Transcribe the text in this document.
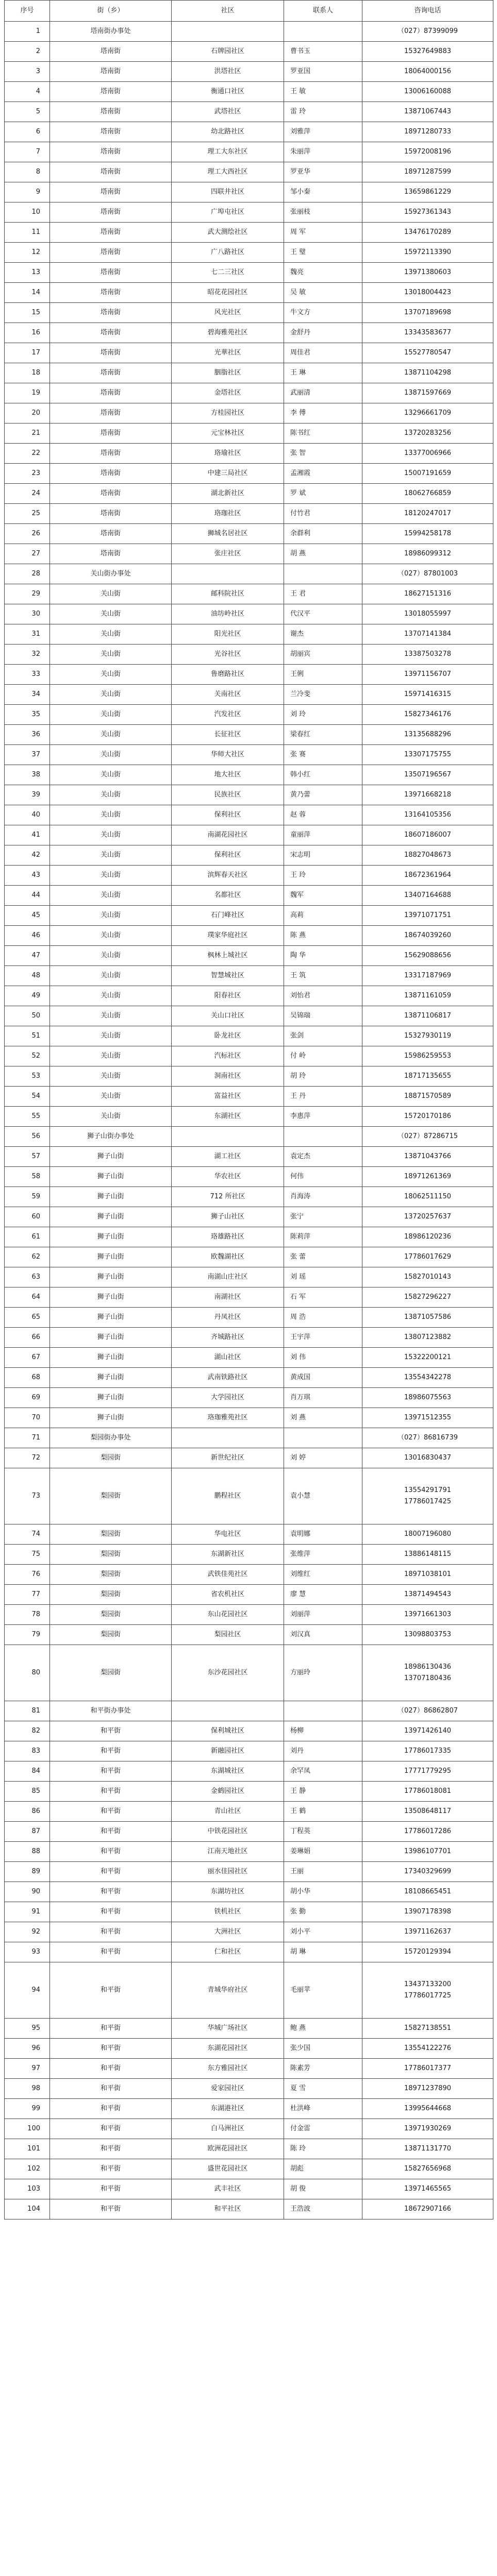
序号	街（乡）	社区	联系人	咨询电话
1	塔南街办事处			（027）87399099

2	塔南街	石牌园社区	曹书玉	15327649883

3	塔南街	洪塔社区	罗亚国	18064000156

4	塔南街	衡通口社区	王 敏	13006160088

5	塔南街	武塔社区	雷 玲	13871067443

6	塔南街	幼北路社区	刘雅萍	18971280733

7	塔南街	理工大东社区	朱丽萍	15972008196

8	塔南街	理工大西社区	罗亚华	18971287599

9	塔南街	四联井社区	邹小秦	13659861229

10	塔南街	广埠屯社区	张丽枝	15927361343

11	塔南街	武大测绘社区	周 军	13476170289

12	塔南街	广八路社区	王 璧	15972113390

13	塔南街	七二三社区	魏亮	13971380603

14	塔南街	昭花花园社区	吴 敏	13018004423

15	塔南街	风光社区	牛文方	13707189698

16	塔南街	碧海雅苑社区	金舒丹	13343583677

17	塔南街	光華社区	周佳君	15527780547

18	塔南街	胭脂社区	王 琳	13871104298

19	塔南街	金塔社区	武丽清	13871597669

20	塔南街	方桂园社区	李 傅	13296661709

21	塔南街	元宝林社区	陈书红	13720283256

22	塔南街	珞瑜社区	张 智	13377006966

23	塔南街	中建三局社区	孟湘霞	15007191659

24	塔南街	湖北新社区	罗 斌	18062766859

25	塔南街	珞珈社区	付竹君	18120247017

26	塔南街	狮城名居社区	余群利	15994258178

27	塔南街	张庄社区	胡 燕	18986099312

28	关山街办事处			（027）87801003

29	关山街	邮科院社区	王 君	18627151316

30	关山街	油坊岭社区	代汉平	13018055997

31	关山街	阳光社区	谢杰	13707141384

32	关山街	光谷社区	胡丽宾	13387503278

33	关山街	鲁磨路社区	王俐	13971156707

34	关山街	关南社区	兰冷斐	15971416315

35	关山街	汽发社区	刘 玲	15827346176

36	关山街	长征社区	梁春红	13135688296

37	关山街	华师大社区	张 赛	13307175755

38	关山街	地大社区	韩小红	13507196567

39	关山街	民族社区	黄乃蕾	13971668218

40	关山街	保利社区	赵 蓉	13164105356

41	关山街	南湖花园社区	童丽萍	18607186007

42	关山街	保利社区	宋志明	18827048673

43	关山街	滨辉春天社区	王 玲	18672361964

44	关山街	名都社区	魏军	13407164688

45	关山街	石门峰社区	高莉	13971071751

46	关山街	璞家华庭社区	陈 燕	18674039260

47	关山街	枫林上城社区	陶 华	15629088656

48	关山街	智慧城社区	王 筑	13317187969

49	关山街	阳春社区	刘怡君	13871161059

50	关山街	关山口社区	吴锦瑞	13871106817

51	关山街	卧龙社区	张剑	15327930119

52	关山街	汽标社区	付 岭	15986259553

53	关山街	洞南社区	胡 玲	18717135655

54	关山街	富益社区	王 丹	18871570589

55	关山街	东湖社区	李惠萍	15720170186

56	狮子山街办事处			（027）87286715

57	狮子山街	湖工社区	袁定杰	13871043766

58	狮子山街	华农社区	何伟	18971261369

59	狮子山街	712 所社区	肖海涛	18062511150

60	狮子山街	狮子山社区	张宁	13720257637

61	狮子山街	珞雄路社区	陈莉萍	18986120236

62	狮子山街	欧魏湖社区	张 蕾	17786017629

63	狮子山街	南湖山庄社区	刘 瑶	15827010143

64	狮子山街	南湖社区	石 军	15827296227

65	狮子山街	丹凤社区	周 浩	13871057586

66	狮子山街	齐城路社区	王宇萍	13807123882

67	狮子山街	湖山社区	刘 伟	15322200121

68	狮子山街	武南铁路社区	黄成国	13554342278

69	狮子山街	大学园社区	肖万琪	18986075563

70	狮子山街	珞珈雅苑社区	刘 燕	13971512355

71	梨园街办事处			（027）86816739

72	梨园街	新世纪社区	刘 婷	13016830437

73	梨园街	鹏程社区	袁小慧	13554291791
17786017425

74	梨园街	华电社区	袁明娜	18007196080

75	梨园街	东湖新社区	张维萍	13886148115

76	梨园街	武铁佳苑社区	刘维红	18971038101

77	梨园街	省农机社区	廖 慧	13871494543

78	梨园街	东山花园社区	刘丽萍	13971661303

79	梨园街	梨园社区	刘汉真	13098803753

80	梨园街	东沙花园社区	方丽玲	18986130436
13707180436

81	和平街办事处			（027）86862807

82	和平街	保利城社区	杨柳	13971426140

83	和平街	新融园社区	刘丹	17786017335

84	和平街	东湖城社区	余罕凤	17771779295

85	和平街	金鹤园社区	王 静	17786018081

86	和平街	青山社区	王 鹤	13508648117

87	和平街	中铁花园社区	丁程英	17786017286

88	和平街	江南天地社区	姜琳娟	13986107701

89	和平街	丽水佳园社区	王丽	17340329699

90	和平街	东湖坊社区	胡小华	18108665451

91	和平街	铁机社区	张 勤	13907178398

92	和平街	大洲社区	刘小平	13971162637

93	和平街	仁和社区	胡 琳	15720129394

94	和平街	青城华府社区	毛丽苹	13437133200
17786017725

95	和平街	华城广场社区	鲍 燕	15827138551

96	和平街	东湖花园社区	张少国	13554122276

97	和平街	东方雅园社区	陈素芳	17786017377

98	和平街	爱家园社区	夏 雪	18971237890

99	和平街	东湖港社区	杜洪峰	13995644668

100	和平街	白马洲社区	付金雷	13971930269

101	和平街	欧洲花园社区	陈 玲	13871131770

102	和平街	盛世花园社区	胡彪	15827656968

103	和平街	武丰社区	胡 俊	13971465565

104	和平街	和平社区	王浩波	18672907166
